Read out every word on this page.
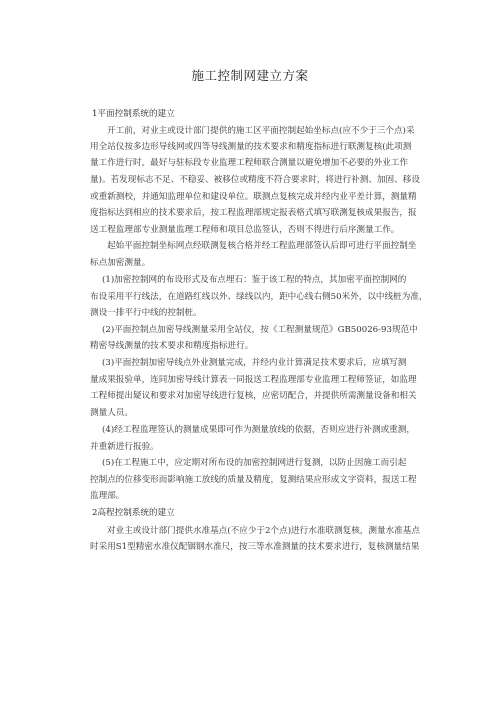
施工控制网建立方案
1平面控制系统的建立
开工前，对业主或设计部门提供的施工区平面控制起始坐标点(应不少于三个点)采
用全站仪按多边形导线网或四等导线测量的技术要求和精度指标进行联测复核(此项测
量工作进行时，最好与驻标段专业监理工程师联合测量以避免增加不必要的外业工作
量)。若发现标志不足、不稳妥、被移位或精度不符合要求时，将进行补测、加固、移设
或重新测校，并通知监理单位和建设单位。联测点复核完成并经内业平差计算，测量精
度指标达到相应的技术要求后，按工程监理部规定报表格式填写联测复核成果报告，报
送工程监理部专业测量监理工程师和项目总监签认，否则不得进行后序测量工作。
起始平面控制坐标网点经联测复核合格并经工程监理部签认后即可进行平面控制坐
标点加密测量。
(1)加密控制网的布设形式及布点埋石：鉴于该工程的特点，其加密平面控制网的
布设采用平行线法，在道路红线以外、绿线以内，距中心线右侧50米外，以中线桩为准，
测设一排平行中线的控制桩。
(2)平面控制点加密导线测量采用全站仪，按《工程测量规范》GB50026-93规范中
精密导线测量的技术要求和精度指标进行。
(3)平面控制加密导线点外业测量完成，并经内业计算满足技术要求后，应填写测
量成果报验单，连同加密导线计算表一同报送工程监理部专业监理工程师签证，如监理
工程师提出疑议和要求对加密导线进行复核，应密切配合，并提供所需测量设备和相关
测量人员。
(4)经工程监理签认的测量成果即可作为测量放线的依据，否则应进行补测或重测，
并重新进行报验。
(5)在工程施工中，应定期对所布设的加密控制网进行复测，以防止因施工而引起
控制点的位移变形而影响施工放线的质量及精度，复测结果应形成文字资料，报送工程
监理部。
2高程控制系统的建立
对业主或设计部门提供水准基点(不应少于2个点)进行水准联测复核，测量水准基点
时采用S1型精密水准仪配铟钢水准尺，按三等水准测量的技术要求进行，复核测量结果
